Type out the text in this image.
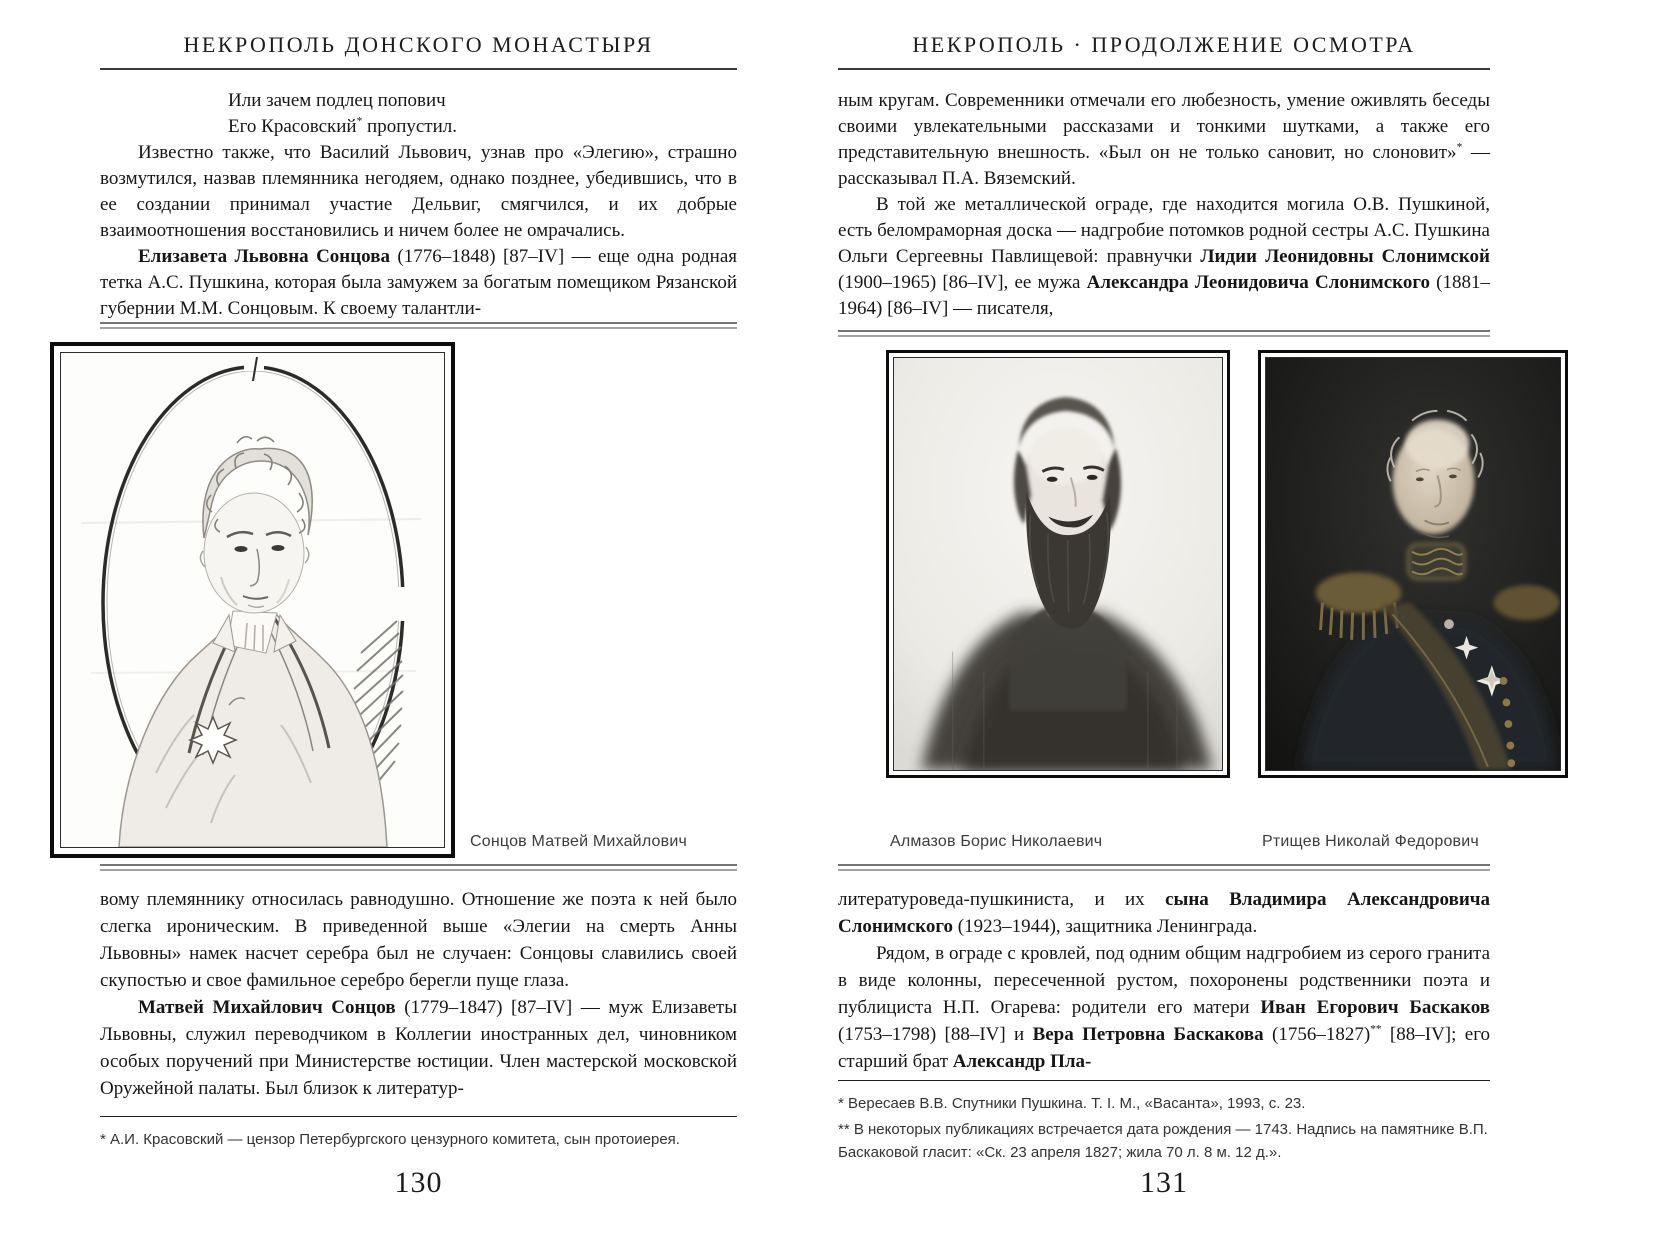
НЕКРОПОЛЬ ДОНСКОГО МОНАСТЫРЯ

Или зачем подлец попович

Его Красовский* пропустил.

Известно также, что Василий Львович, узнав про «Элегию», страшно возмутился, назвав племянника негодяем, однако позднее, убедившись, что в ее создании принимал участие Дельвиг, смягчился, и их добрые взаимоотношения восстановились и ничем более не омрачались.

Елизавета Львовна Сонцова (1776–1848) [87–IV] — еще одна родная тетка А.С. Пушкина, которая была замужем за богатым помещиком Рязанской губернии М.М. Сонцовым. К своему талантли-

Сонцов Матвей Михайлович

вому племяннику относилась равнодушно. Отношение же поэта к ней было слегка ироническим. В приведенной выше «Элегии на смерть Анны Львовны» намек насчет серебра был не случаен: Сонцовы славились своей скупостью и свое фамильное серебро берегли пуще глаза.

Матвей Михайлович Сонцов (1779–1847) [87–IV] — муж Елизаветы Львовны, служил переводчиком в Коллегии иностранных дел, чиновником особых поручений при Министерстве юстиции. Член мастерской московской Оружейной палаты. Был близок к литератур-

* А.И. Красовский — цензор Петербургского цензурного комитета, сын протоиерея.

130
НЕКРОПОЛЬ · ПРОДОЛЖЕНИЕ ОСМОТРА

ным кругам. Современники отмечали его любезность, умение оживлять беседы своими увлекательными рассказами и тонкими шутками, а также его представительную внешность. «Был он не только сановит, но слоновит»* — рассказывал П.А. Вяземский.

В той же металлической ограде, где находится могила О.В. Пушкиной, есть беломраморная доска — надгробие потомков родной сестры А.С. Пушкина Ольги Сергеевны Павлищевой: правнучки Лидии Леонидовны Слонимской (1900–1965) [86–IV], ее мужа Александра Леонидовича Слонимского (1881–1964) [86–IV] — писателя,

Алмазов Борис Николаевич	Ртищев Николай Федорович

литературоведа-пушкиниста, и их сына Владимира Александровича Слонимского (1923–1944), защитника Ленинграда.

Рядом, в ограде с кровлей, под одним общим надгробием из серого гранита в виде колонны, пересеченной рустом, похоронены родственники поэта и публициста Н.П. Огарева: родители его матери Иван Егорович Баскаков (1753–1798) [88–IV] и Вера Петровна Баскакова (1756–1827)** [88–IV]; его старший брат Александр Пла-

* Вересаев В.В. Спутники Пушкина. Т. I. М., «Васанта», 1993, с. 23.

** В некоторых публикациях встречается дата рождения — 1743. Надпись на памятнике В.П. Баскаковой гласит: «Ск. 23 апреля 1827; жила 70 л. 8 м. 12 д.».

131
